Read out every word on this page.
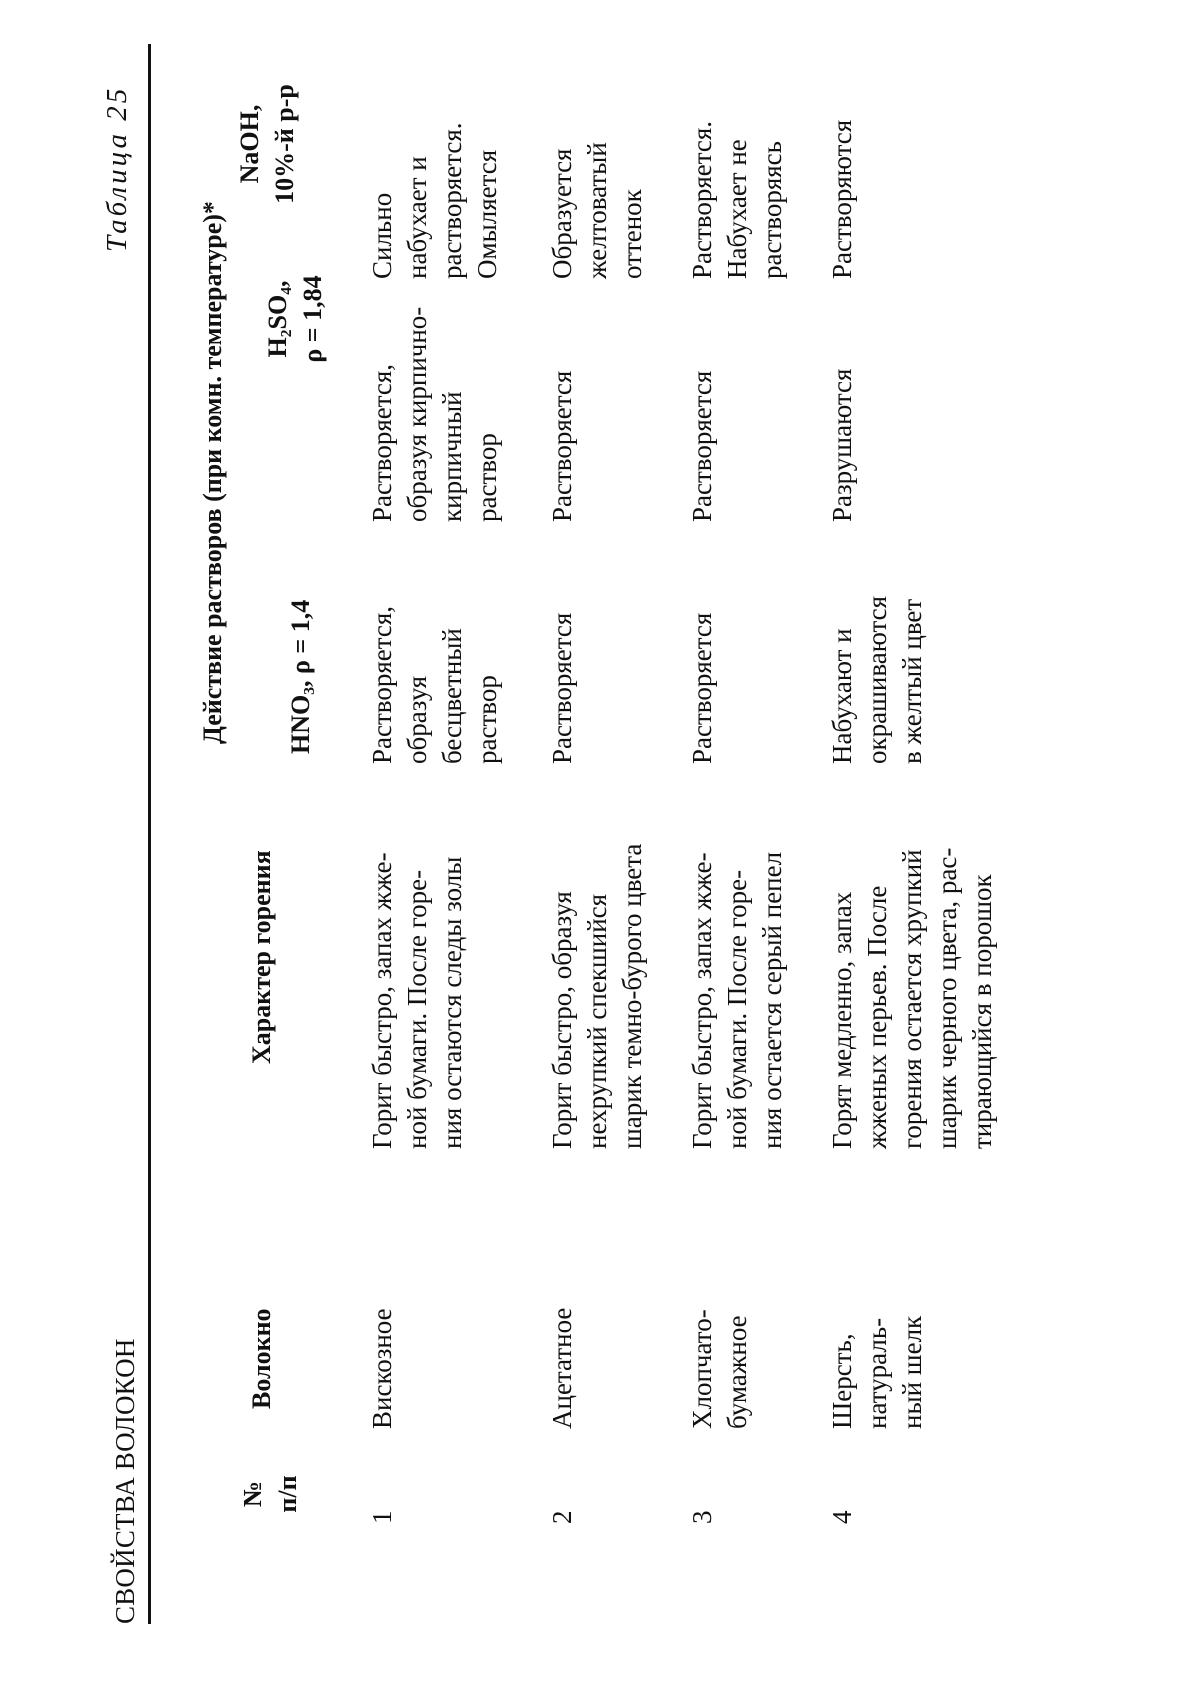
СВОЙСТВА ВОЛОКОН
Таблица 25
№ п/п
Волокно
Характер горения
Действие растворов (при комн. температуре)* HNO₃, ρ = 1,4
H₂SO₄, ρ = 1,84
NaOH, 10%-й р-р
1
Вискозное
Горит быстро, запах жже- ной бумаги. После горе- ния остаются следы золы
Растворяется, образуя бесцветный раствор
Растворяется, образуя кирпично- кирпичный раствор
Сильно набухает и растворяется. Омыляется
2
Ацетатное
Горит быстро, образуя нехрупкий спекшийся шарик темно-бурого цвета
Растворяется
Растворяется
Образуется желтоватый оттенок
3
Хлопчато- бумажное
Горит быстро, запах жже- ной бумаги. После горе- ния остается серый пепел
Растворяется
Растворяется
Растворяется. Набухает не растворяясь
4
Шерсть, натураль- ный шелк
Горят медленно, запах жженых перьев. После горения остается хрупкий шарик черного цвета, рас- тирающийся в порошок
Набухают и окрашиваются в желтый цвет
Разрушаются
Растворяются
